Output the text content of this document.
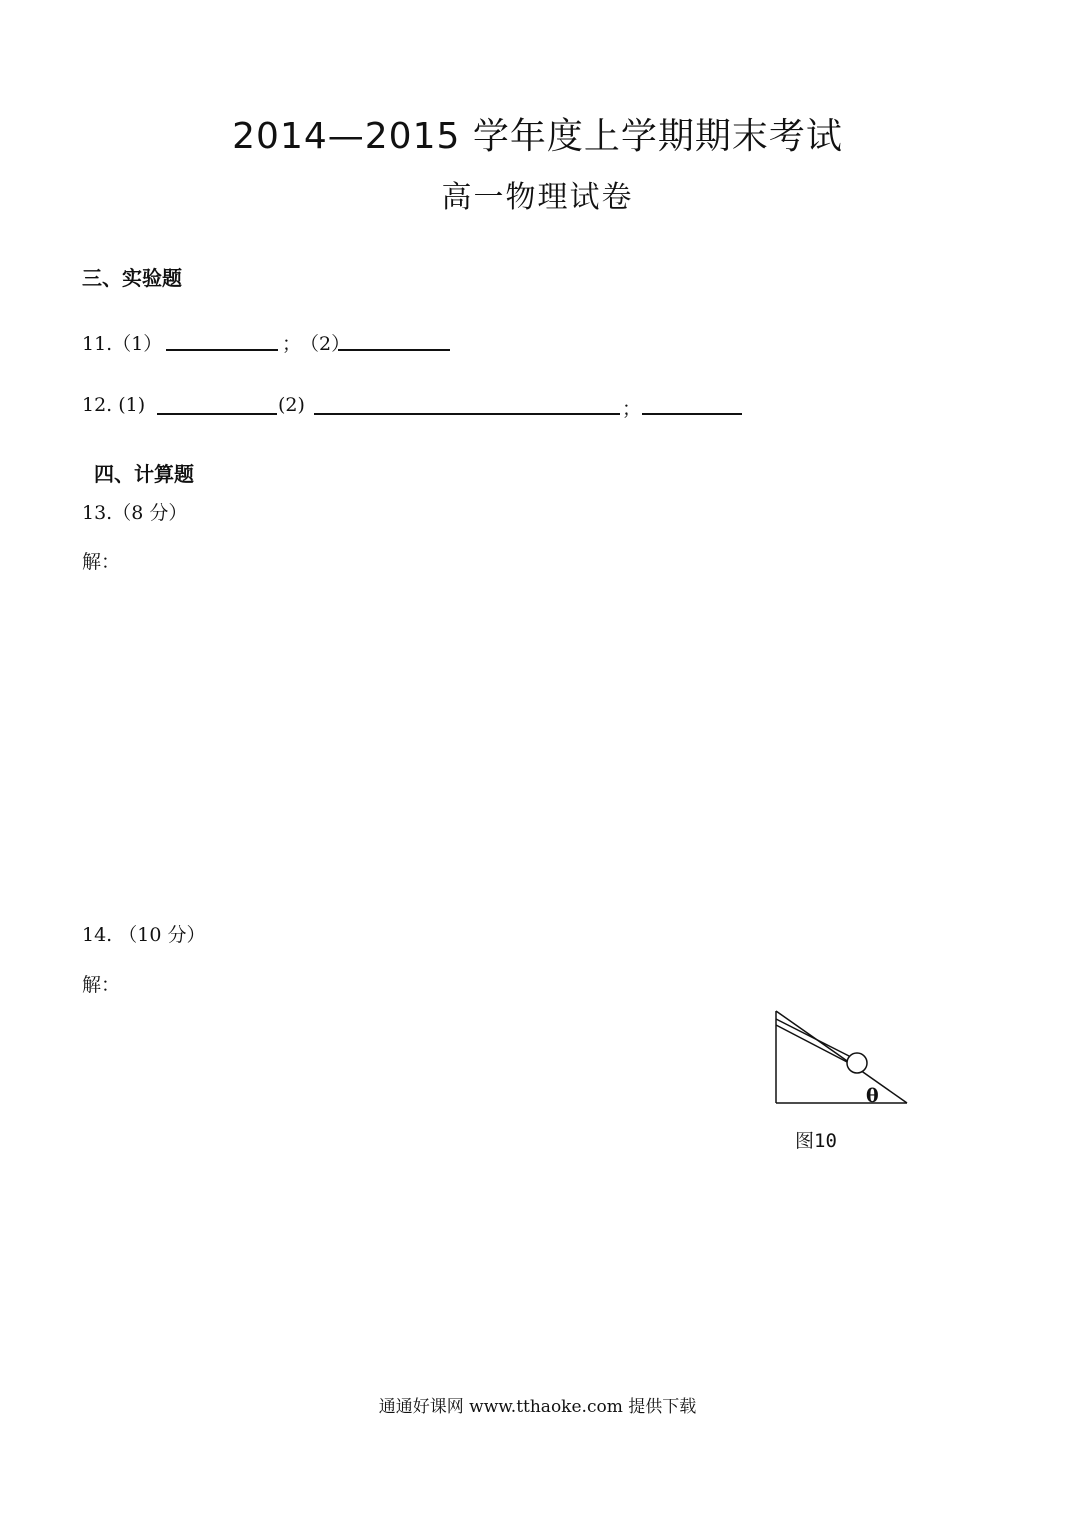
2014—2015 学年度上学期期末考试
高一物理试卷
三、实验题
11.（1）	；
（2）
12. (1)	(2)	；
四、计算题
13.（8 分）
解：
14. （10 分）
解：
θ
图10
通通好课网 www.tthaoke.com 提供下载
